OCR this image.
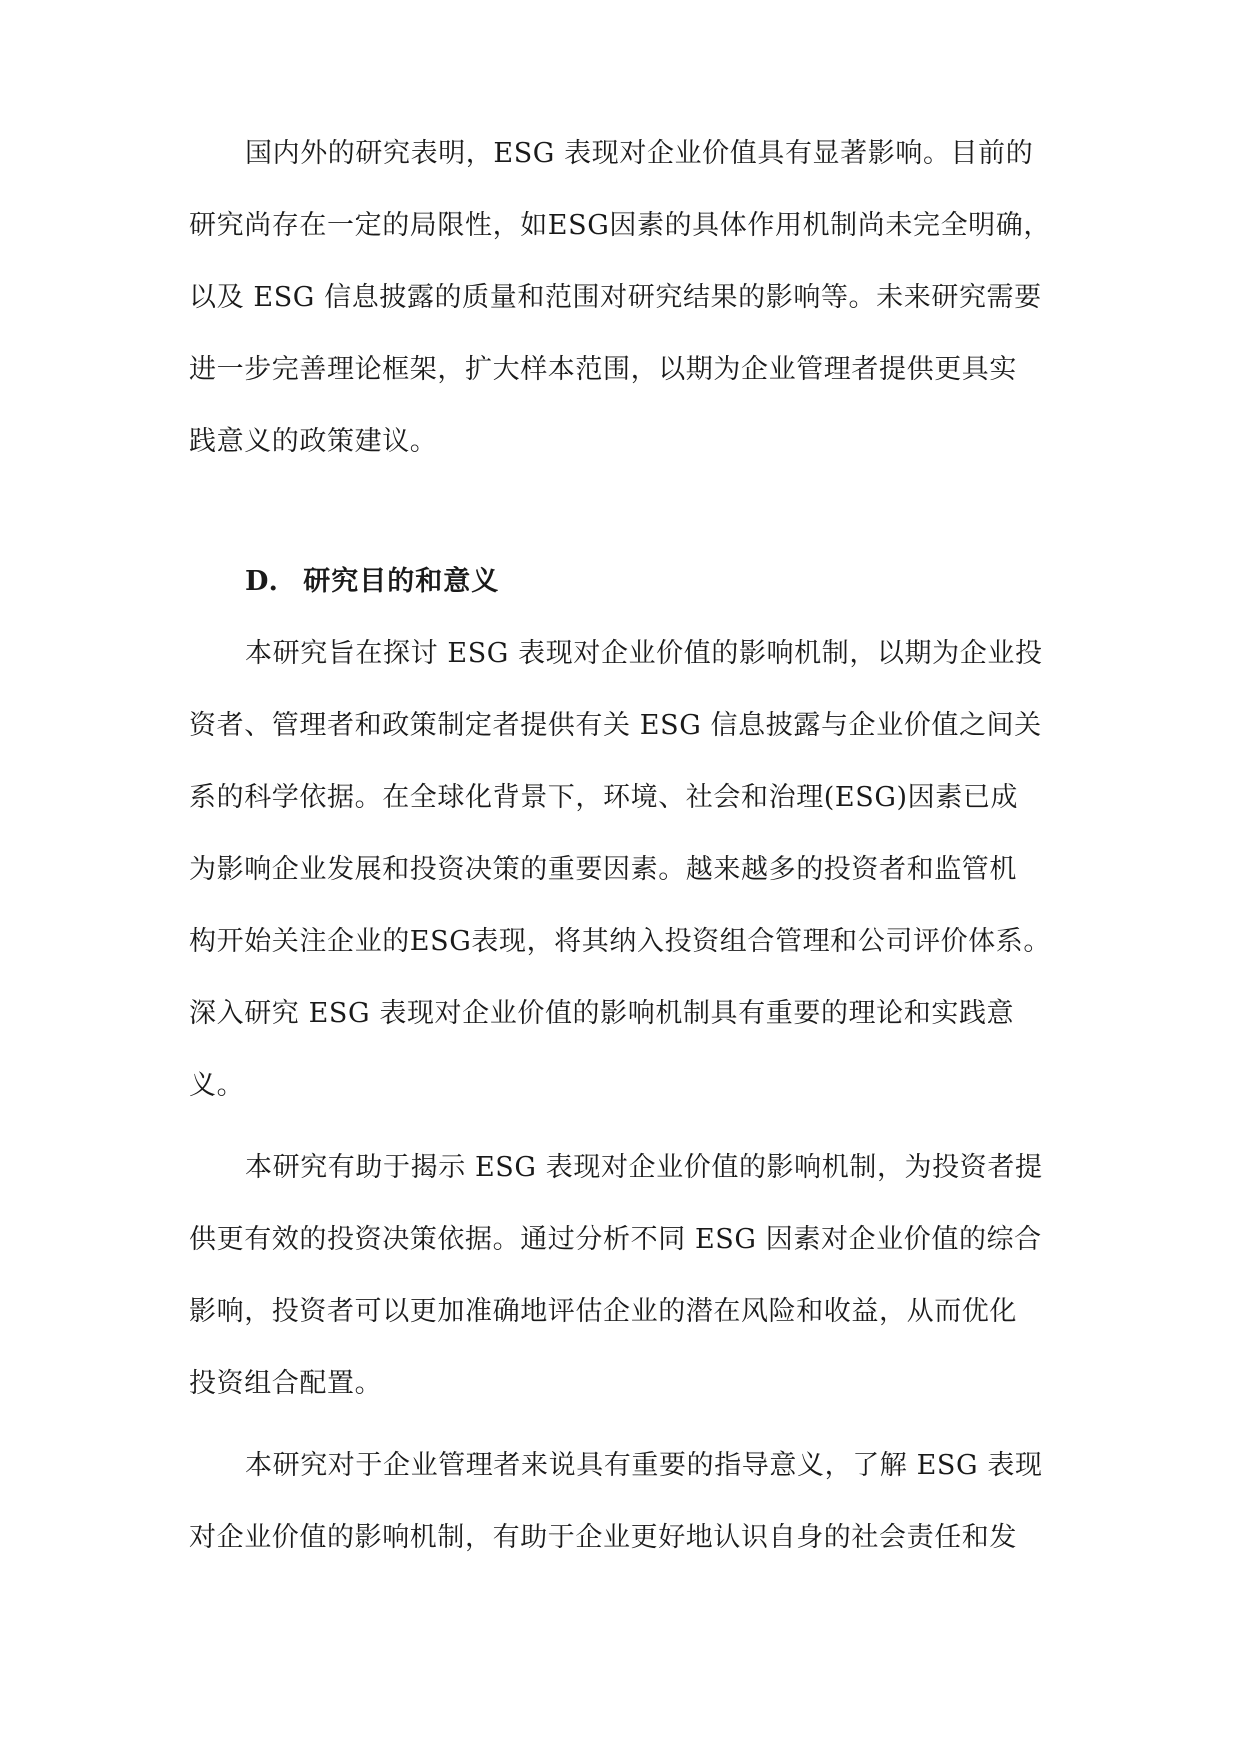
国内外的研究表明，ESG 表现对企业价值具有显著影响。目前的
研究尚存在一定的局限性，如ESG因素的具体作用机制尚未完全明确，
以及 ESG 信息披露的质量和范围对研究结果的影响等。未来研究需要
进一步完善理论框架，扩大样本范围，以期为企业管理者提供更具实
践意义的政策建议。
D. 研究目的和意义
本研究旨在探讨 ESG 表现对企业价值的影响机制，以期为企业投
资者、管理者和政策制定者提供有关 ESG 信息披露与企业价值之间关
系的科学依据。在全球化背景下，环境、社会和治理(ESG)因素已成
为影响企业发展和投资决策的重要因素。越来越多的投资者和监管机
构开始关注企业的ESG表现，将其纳入投资组合管理和公司评价体系。
深入研究 ESG 表现对企业价值的影响机制具有重要的理论和实践意
义。
本研究有助于揭示 ESG 表现对企业价值的影响机制，为投资者提
供更有效的投资决策依据。通过分析不同 ESG 因素对企业价值的综合
影响，投资者可以更加准确地评估企业的潜在风险和收益，从而优化
投资组合配置。
本研究对于企业管理者来说具有重要的指导意义，了解 ESG 表现
对企业价值的影响机制，有助于企业更好地认识自身的社会责任和发
